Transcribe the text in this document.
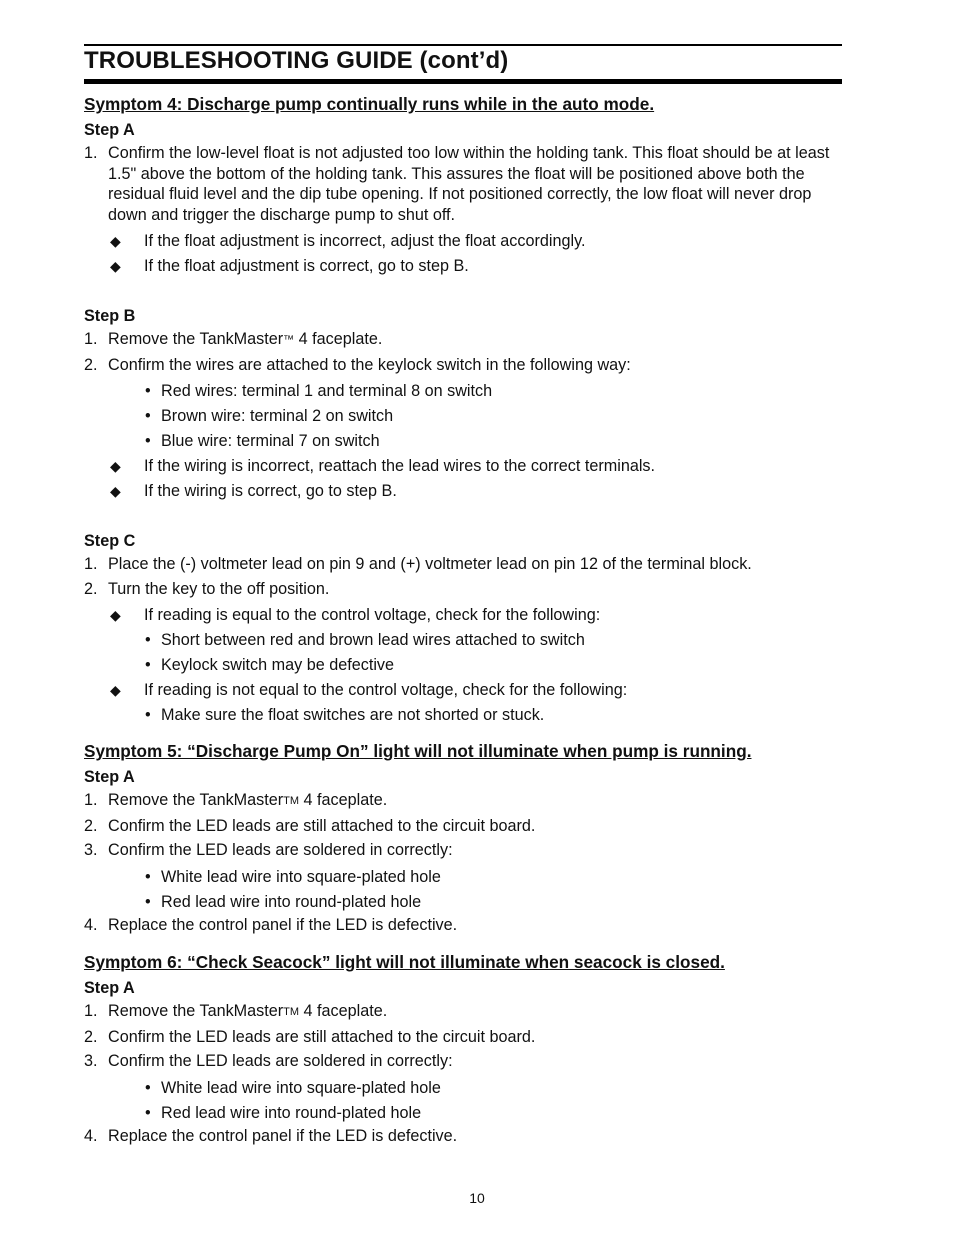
TROUBLESHOOTING GUIDE (cont’d)
Symptom 4: Discharge pump continually runs while in the auto mode.
Step A
1. Confirm the low-level float is not adjusted too low within the holding tank. This float should be at least 1.5" above the bottom of the holding tank. This assures the float will be positioned above both the residual fluid level and the dip tube opening. If not positioned correctly, the low float will never drop down and trigger the discharge pump to shut off.
◆ If the float adjustment is incorrect, adjust the float accordingly.
◆ If the float adjustment is correct, go to step B.
Step B
1. Remove the TankMaster™ 4 faceplate.
2. Confirm the wires are attached to the keylock switch in the following way:
• Red wires: terminal 1 and terminal 8 on switch
• Brown wire: terminal 2 on switch
• Blue wire: terminal 7 on switch
◆ If the wiring is incorrect, reattach the lead wires to the correct terminals.
◆ If the wiring is correct, go to step B.
Step C
1. Place the (-) voltmeter lead on pin 9 and (+) voltmeter lead on pin 12 of the terminal block.
2. Turn the key to the off position.
◆ If reading is equal to the control voltage, check for the following:
• Short between red and brown lead wires attached to switch
• Keylock switch may be defective
◆ If reading is not equal to the control voltage, check for the following:
• Make sure the float switches are not shorted or stuck.
Symptom 5: “Discharge Pump On” light will not illuminate when pump is running.
Step A
1. Remove the TankMasterTM 4 faceplate.
2. Confirm the LED leads are still attached to the circuit board.
3. Confirm the LED leads are soldered in correctly:
• White lead wire into square-plated hole
• Red lead wire into round-plated hole
4. Replace the control panel if the LED is defective.
Symptom 6: “Check Seacock” light will not illuminate when seacock is closed.
Step A
1. Remove the TankMasterTM 4 faceplate.
2. Confirm the LED leads are still attached to the circuit board.
3. Confirm the LED leads are soldered in correctly:
• White lead wire into square-plated hole
• Red lead wire into round-plated hole
4. Replace the control panel if the LED is defective.
10
